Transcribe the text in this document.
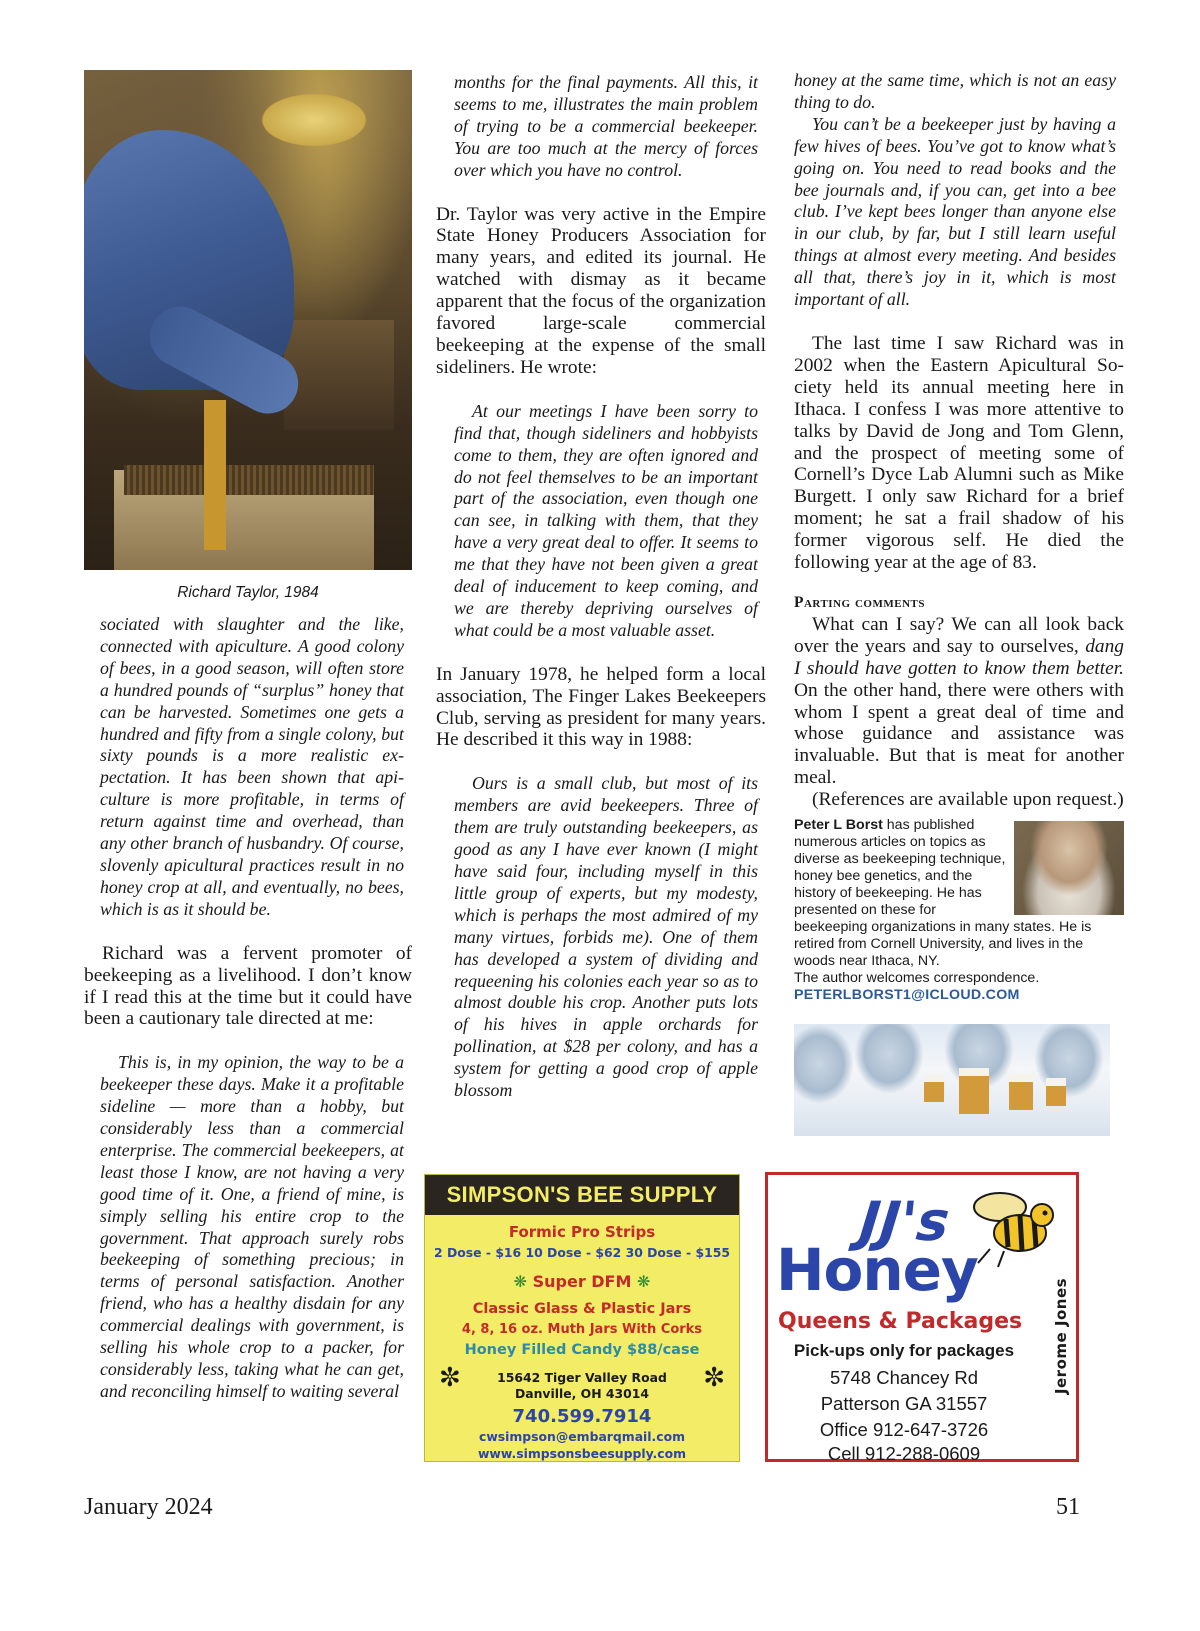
Richard Taylor, 1984

sociated with slaughter and the like, connected with apiculture. A good colony of bees, in a good season, will often store a hundred pounds of “surplus” honey that can be harvested. Sometimes one gets a hundred and fifty from a single colony, but sixty pounds is a more realistic expectation. It has been shown that apiculture is more profitable, in terms of return against time and overhead, than any other branch of husbandry. Of course, slovenly apicultural practices result in no honey crop at all, and eventually, no bees, which is as it should be.

Richard was a fervent promoter of beekeeping as a livelihood. I don’t know if I read this at the time but it could have been a cautionary tale directed at me:

This is, in my opinion, the way to be a beekeeper these days. Make it a profitable sideline — more than a hobby, but considerably less than a commercial enterprise. The commercial beekeepers, at least those I know, are not having a very good time of it. One, a friend of mine, is simply selling his entire crop to the government. That approach surely robs beekeeping of something precious; in terms of personal satisfaction. Another friend, who has a healthy disdain for any commercial dealings with government, is selling his whole crop to a packer, for considerably less, taking what he can get, and reconciling himself to waiting several

months for the final payments. All this, it seems to me, illustrates the main problem of trying to be a commercial beekeeper. You are too much at the mercy of forces over which you have no control.

Dr. Taylor was very active in the Empire State Honey Producers Association for many years, and edited its journal. He watched with dismay as it became apparent that the focus of the organization favored large-scale commercial beekeeping at the expense of the small sideliners. He wrote:

At our meetings I have been sorry to find that, though sideliners and hobbyists come to them, they are often ignored and do not feel themselves to be an important part of the association, even though one can see, in talking with them, that they have a very great deal to offer. It seems to me that they have not been given a great deal of inducement to keep coming, and we are thereby depriving ourselves of what could be a most valuable asset.

In January 1978, he helped form a local association, The Finger Lakes Beekeepers Club, serving as president for many years. He described it this way in 1988:

Ours is a small club, but most of its members are avid beekeepers. Three of them are truly outstanding beekeepers, as good as any I have ever known (I might have said four, including myself in this little group of experts, but my modesty, which is perhaps the most admired of my many virtues, forbids me). One of them has developed a system of dividing and requeening his colonies each year so as to almost double his crop. Another puts lots of his hives in apple orchards for pollination, at $28 per colony, and has a system for getting a good crop of apple blossom

honey at the same time, which is not an easy thing to do.

You can’t be a beekeeper just by having a few hives of bees. You’ve got to know what’s going on. You need to read books and the bee journals and, if you can, get into a bee club. I’ve kept bees longer than anyone else in our club, by far, but I still learn useful things at almost every meeting. And besides all that, there’s joy in it, which is most important of all.

The last time I saw Richard was in 2002 when the Eastern Apicultural Society held its annual meeting here in Ithaca. I confess I was more attentive to talks by David de Jong and Tom Glenn, and the prospect of meeting some of Cornell’s Dyce Lab Alumni such as Mike Burgett. I only saw Richard for a brief moment; he sat a frail shadow of his former vigorous self. He died the following year at the age of 83.

Parting comments

What can I say? We can all look back over the years and say to ourselves, dang I should have gotten to know them better. On the other hand, there were others with whom I spent a great deal of time and whose guidance and assistance was invaluable. But that is meat for another meal.

(References are available upon request.)

Peter L Borst has published numerous articles on topics as diverse as beekeeping technique, honey bee genetics, and the history of beekeeping. He has presented on these for beekeeping organizations in many states. He is retired from Cornell University, and lives in the woods near Ithaca, NY.
The author welcomes correspondence.
PETERLBORST1@ICLOUD.COM
SIMPSON'S BEE SUPPLY
Formic Pro Strips
2 Dose - $16 10 Dose - $62 30 Dose - $155
❋ Super DFM ❋
Classic Glass & Plastic Jars
4, 8, 16 oz. Muth Jars With Corks
Honey Filled Candy $88/case
✼	15642 Tiger Valley Road
Danville, OH 43014
✼
740.599.7914
cwsimpson@embarqmail.com
www.simpsonsbeesupply.com
JJ's
Honey
Queens & Packages
Pick-ups only for packages
5748 Chancey Rd
Patterson GA 31557
Office 912-647-3726
Cell 912-288-0609
Jerome Jones
January 2024	51
